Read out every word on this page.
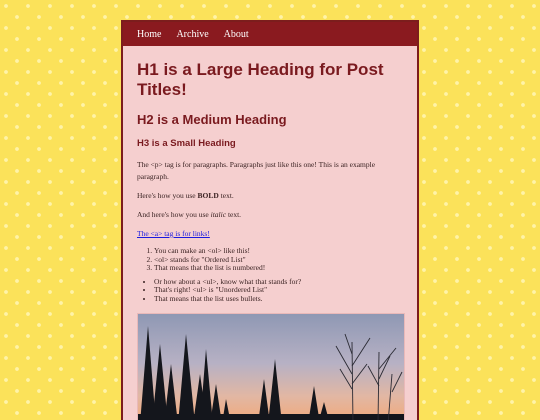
Home Archive About
H1 is a Large Heading for Post Titles!
H2 is a Medium Heading
H3 is a Small Heading

The <p> tag is for paragraphs. Paragraphs just like this one! This is an example paragraph.

Here's how you use BOLD text.

And here's how you use italic text.

The <a> tag is for links!

1. You can make an <ol> like this!
2. <ol> stands for "Ordered List"
3. That means that the list is numbered!
• Or how about a <ul>, know what that stands for?
• That's right! <ul> is "Unordered List"
• That means that the list uses bullets.
